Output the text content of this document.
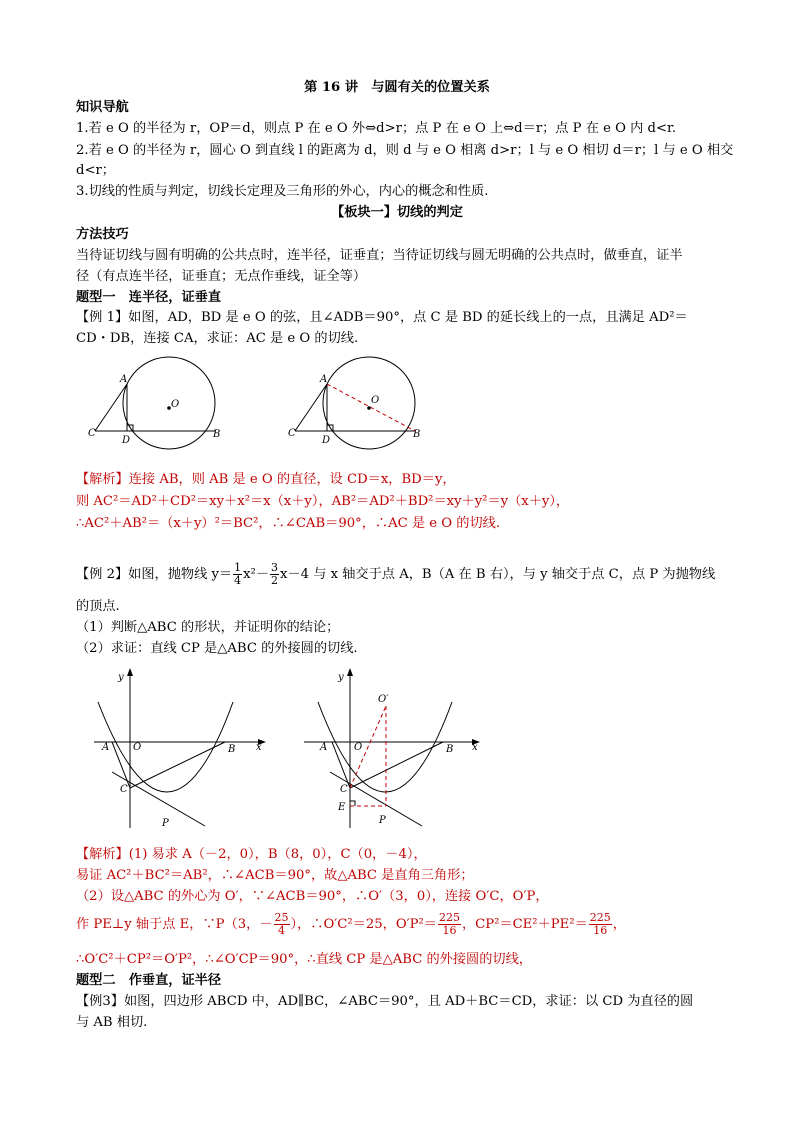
第 16 讲　与圆有关的位置关系
知识导航
1.若 e O 的半径为 r，OP＝d，则点 P 在 e O 外⇔d>r；点 P 在 e O 上⇔d＝r；点 P 在 e O 内 d<r.
2.若 e O 的半径为 r，圆心 O 到直线 l 的距离为 d，则 d 与 e O 相离 d>r；l 与 e O 相切 d＝r；l 与 e O 相交
d<r；
3.切线的性质与判定，切线长定理及三角形的外心，内心的概念和性质.
【板块一】切线的判定
方法技巧
当待证切线与圆有明确的公共点时，连半径，证垂直；当待证切线与圆无明确的公共点时，做垂直，证半
径（有点连半径，证垂直；无点作垂线，证全等）
题型一　连半径，证垂直
【例 1】如图，AD，BD 是 e O 的弦，且∠ADB＝90°，点 C 是 BD 的延长线上的一点，且满足 AD²＝
CD・DB，连接 CA，求证：AC 是 e O 的切线.
A
O
C
D
B
A
O
C
D
B
【解析】连接 AB，则 AB 是 e O 的直径，设 CD＝x，BD＝y，
则 AC²＝AD²＋CD²＝xy＋x²＝x（x＋y），AB²＝AD²＋BD²＝xy＋y²＝y（x＋y），
∴AC²＋AB²＝（x＋y）²＝BC²，∴∠CAB＝90°，∴AC 是 e O 的切线.
【例 2】如图，抛物线 $y= \frac{1}{4} x^2- \frac{3}{2} x-4$ 与 x 轴交于点 A，B（A 在 B 右），与 y 轴交于点 C，点 P 为抛物线
的顶点.
（1）判断△ABC 的形状，并证明你的结论；
（2）求证：直线 CP 是△ABC 的外接圆的切线.
y
A O	B x
C
P
y
A	O	B x
C
P
O′
E
【解析】(1) 易求 A（－2，0），B（8，0），C（0，－4），
易证 AC²＋BC²＝AB²，∴∠ACB＝90°，故△ABC 是直角三角形；
（2）设△ABC 的外心为 O′，∵∠ACB＝90°，∴O′（3，0），连接 O′C，O′P，
作 PE⊥y 轴于点 E，∵P（3，－ $\frac{25}{4}$ ），∴O′C²＝25，$O'P^2= \frac{225}{16}$ ，$CP^2=CE^2+PE^2= \frac{225}{16}$ ，
∴O′C²＋CP²＝O′P²，∴∠O′CP＝90°，∴直线 CP 是△ABC 的外接圆的切线，
题型二　作垂直，证半径
【例3】如图，四边形 ABCD 中，AD∥BC，∠ABC＝90°，且 AD＋BC＝CD，求证：以 CD 为直径的圆
与 AB 相切.
